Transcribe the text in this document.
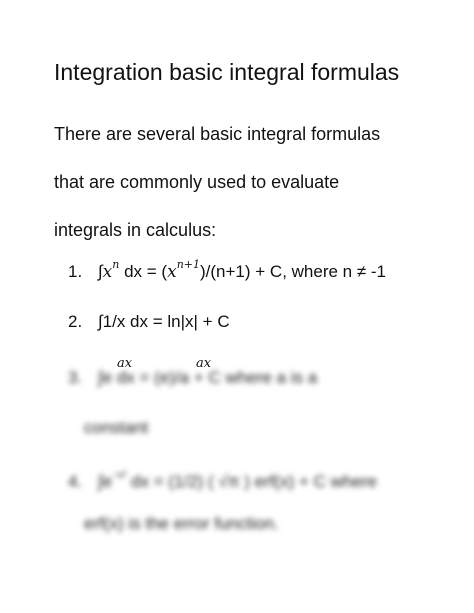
Integration basic integral formulas
There are several basic integral formulas
that are commonly used to evaluate
integrals in calculus:
1. $\int x^n$ dx = $(x^{n+1})/(n+1) + C$, where n ≠ -1
2. ∫1/x dx = ln|x| + C
ax	ax
3. ∫e dx = (e)/a + C where a is a
constant
4. $\int e^{-x^2}$ dx = (1/2) ( √π ) erf(x) + C where
erf(x) is the error function.
